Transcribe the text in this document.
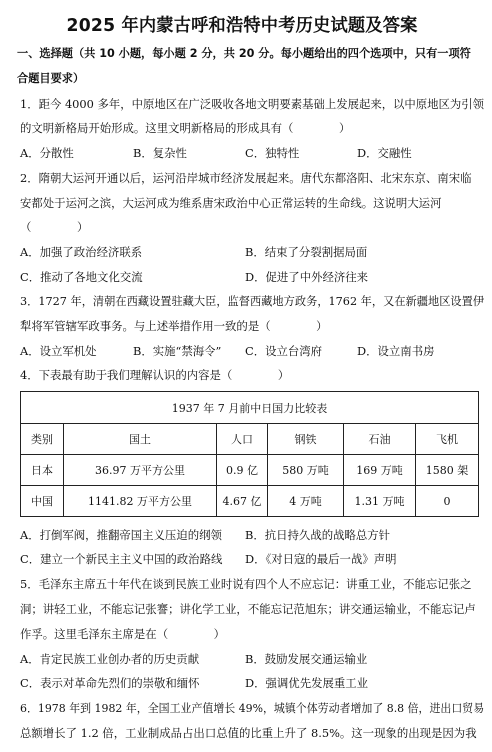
2025 年内蒙古呼和浩特中考历史试题及答案
一、选择题（共 10 小题，每小题 2 分，共 20 分。每小题给出的四个选项中，只有一项符
合题目要求）
1．距今 4000 多年，中原地区在广泛吸收各地文明要素基础上发展起来，以中原地区为引领
的文明新格局开始形成。这里文明新格局的形成具有（　　　　）
A．分散性	B．复杂性	C．独特性	D．交融性
2．隋朝大运河开通以后，运河沿岸城市经济发展起来。唐代东都洛阳、北宋东京、南宋临
安都处于运河之滨，大运河成为维系唐宋政治中心正常运转的生命线。这说明大运河
（　　　　）
A．加强了政治经济联系	B．结束了分裂割据局面
C．推动了各地文化交流	D．促进了中外经济往来
3．1727 年，清朝在西藏设置驻藏大臣，监督西藏地方政务，1762 年，又在新疆地区设置伊
犁将军管辖军政事务。与上述举措作用一致的是（　　　　）
A．设立军机处	B．实施“禁海令” C．设立台湾府	D．设立南书房
4．下表最有助于我们理解认识的内容是（　　　　）
1937 年 7 月前中日国力比较表					
类别	国土	人口	钢铁	石油	飞机
日本	36.97 万平方公里	0.9 亿	580 万吨	169 万吨	1580 架
中国	1141.82 万平方公里	4.67 亿	4 万吨	1.31 万吨	0
A．打倒军阀，推翻帝国主义压迫的纲领 B．抗日持久战的战略总方针
C．建立一个新民主主义中国的政治路线 D．《对日寇的最后一战》声明
5．毛泽东主席五十年代在谈到民族工业时说有四个人不应忘记：讲重工业，不能忘记张之
洞；讲轻工业，不能忘记张謇；讲化学工业，不能忘记范旭东；讲交通运输业，不能忘记卢
作孚。这里毛泽东主席是在（　　　　）
A．肯定民族工业创办者的历史贡献	B．鼓励发展交通运输业
C．表示对革命先烈们的崇敬和缅怀	D．强调优先发展重工业
6．1978 年到 1982 年，全国工业产值增长 49%，城镇个体劳动者增加了 8.8 倍，进出口贸易
总额增长了 1.2 倍，工业制成品占出口总值的比重上升了 8.5%。这一现象的出现是因为我
